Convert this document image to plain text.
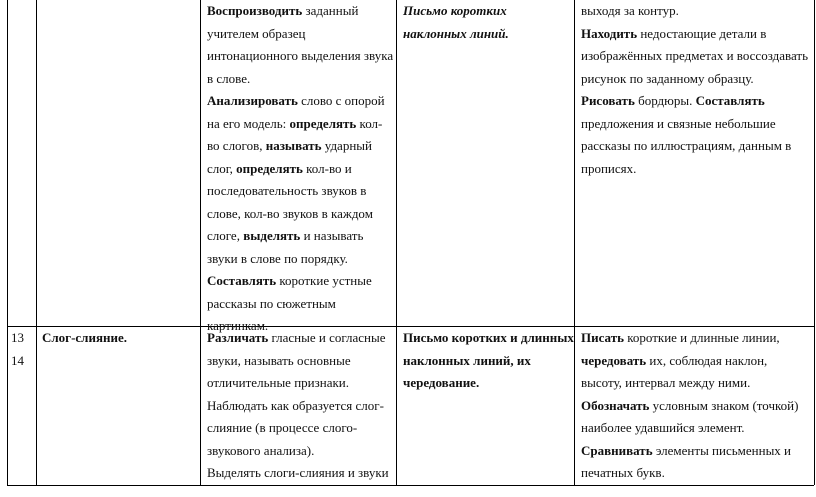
Воспроизводить заданный
учителем образец
интонационного выделения звука
в слове.
Анализировать слово с опорой
на его модель: определять кол-
во слогов, называть ударный
слог, определять кол-во и
последовательность звуков в
слове, кол-во звуков в каждом
слоге, выделять и называть
звуки в слове по порядку.
Составлять короткие устные
рассказы по сюжетным
картинкам.
Письмо коротких
наклонных линий.
выходя за контур.
Находить недостающие детали в
изображённых предметах и воссоздавать
рисунок по заданному образцу.
Рисовать бордюры. Составлять
предложения и связные небольшие
рассказы по иллюстрациям, данным в
прописях.
13
14
Слог-слияние.	Различать гласные и согласные
звуки, называть основные
отличительные признаки.
Наблюдать как образуется слог-
слияние (в процессе слого-
звукового анализа).
Выделять слоги-слияния и звуки
Письмо коротких и длинных
наклонных линий, их
чередование.
Писать короткие и длинные линии,
чередовать их, соблюдая наклон,
высоту, интервал между ними.
Обозначать условным знаком (точкой)
наиболее удавшийся элемент.
Сравнивать элементы письменных и
печатных букв.
